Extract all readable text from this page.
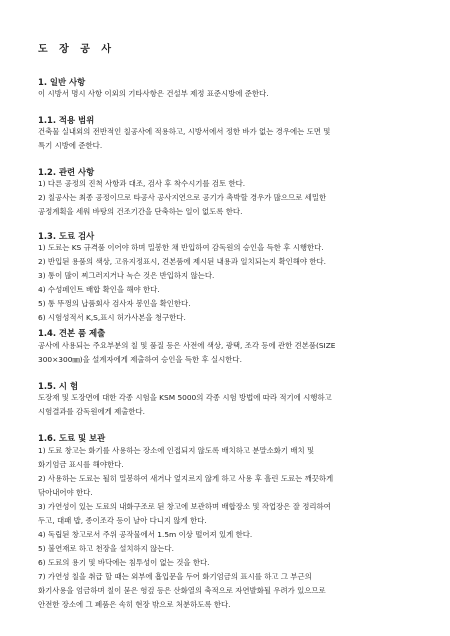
도 장 공 사
1. 일반 사항
이 시방서 명시 사항 이외의 기타사항은 건설부 제정 표준시방에 준한다.
1.1. 적용 범위
건축물 실내외의 전반적인 칠공사에 적용하고, 시방서에서 정한 바가 없는 경우에는 도면 및
특기 시방에 준한다.
1.2. 관련 사항
1) 다른 공정의 진척 사항과 대조, 검사 후 착수시기를 검토 한다.
2) 칠공사는 최종 공정이므로 타공사 공사지연으로 공기가 촉박할 경우가 많으므로 세밀한
공정계획을 세워 바탕의 건조기간을 단축하는 일이 없도록 한다.
1.3. 도료 검사
1) 도료는 KS 규격품 이어야 하며 밀봉한 채 반입하여 감독원의 승인을 득한 후 시행한다.
2) 반입된 용품의 색상, 고유지정표시, 견본품에 제시된 내용과 일치되는지 확인해야 한다.
3) 통이 많이 찌그러지거나 녹슨 것은 반입하지 않는다.
4) 수성페인트 배합 확인을 해야 한다.
5) 통 뚜껑의 납품회사 검사자 봉인을 확인한다.
6) 시험성적서 K,S,표시 허가사본을 청구한다.
1.4. 견본 품 제출
공사에 사용되는 주요부분의 칠 및 품질 등은 사전에 색상, 광택, 조각 등에 관한 견본품(SIZE
300×300㎜)을 설계자에게 제출하여 승인을 득한 후 실시한다.
1.5. 시 험
도장재 및 도장면에 대한 각종 시험을 KSM 5000의 각종 시험 방법에 따라 적기에 시행하고
시험결과를 감독원에게 제출한다.
1.6. 도료 및 보관
1) 도료 창고는 화기를 사용하는 장소에 인접되지 않도록 배치하고 분말소화기 배치 및
화기엄금 표시를 해야한다.
2) 사용하는 도료는 될히 밀봉하여 새거나 엎지르지 않게 하고 사용 후 흘린 도료는 깨끗하게
닦아내어야 한다.
3) 가연성이 있는 도료의 내화구조로 된 창고에 보관하며 배합장소 및 작업장은 잘 정리하여
두고, 대패 밥, 종이조각 등이 날아 다니지 않게 한다.
4) 독립된 창고로서 주위 공작물에서 1.5m 이상 떨어져 있게 한다.
5) 불연재로 하고 천장을 설치하지 않는다.
6) 도료의 용기 및 바닥에는 침투성이 없는 것을 한다.
7) 가연성 칠을 취급 할 때는 외부에 흡입문을 두어 화기엄금의 표시를 하고 그 부근의
화기사용을 엄금하며 칠이 묻은 헝겊 등은 산화열의 축적으로 자연발화될 우려가 있으므로
안전한 장소에 그 폐품은 속히 현장 밖으로 처분하도록 한다.
